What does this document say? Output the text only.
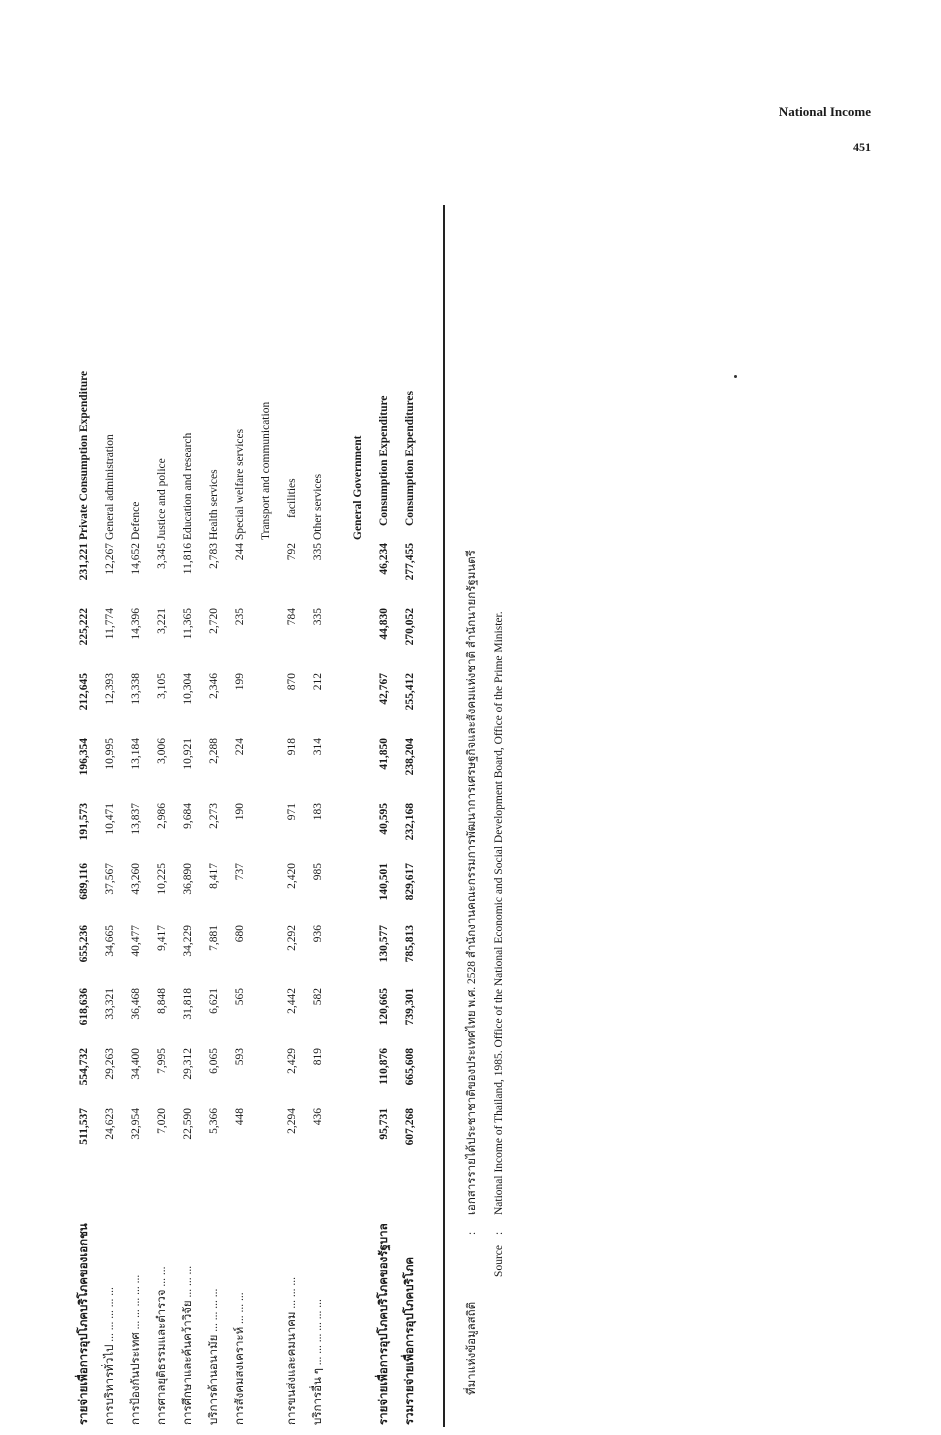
National Income
451
ที่มาแห่งข้อมูลสถิติ
:
เอกสารรายได้ประชาชาติของประเทศไทย พ.ศ. 2528 สำนักงานคณะกรรมการพัฒนาการเศรษฐกิจและสังคมแห่งชาติ สำนักนายกรัฐมนตรี
Source
:
National Income of Thailand, 1985. Office of the National Economic and Social Development Board, Office of the Prime Minister.
รายจ่ายเพื่อการอุปโภคบริโภคของเอกชน
511,537
554,732
618,636
655,236
689,116
191,573
196,354
212,645
225,222
231,221
Private Consumption Expenditure
การบริหารทั่วไป ... ... ... ... ...
24,623
29,263
33,321
34,665
37,567
10,471
10,995
12,393
11,774
12,267
General administration
การป้องกันประเทศ ... ... ... ... ...
32,954
34,400
36,468
40,477
43,260
13,837
13,184
13,338
14,396
14,652
Defence
การศาลยุติธรรมและตำรวจ ... ...
7,020
7,995
8,848
9,417
10,225
2,986
3,006
3,105
3,221
3,345
Justice and police
การศึกษาและค้นคว้าวิจัย ... ... ...
22,590
29,312
31,818
34,229
36,890
9,684
10,921
10,304
11,365
11,816
Education and research
บริการด้านอนามัย ... ... ... ...
5,366
6,065
6,621
7,881
8,417
2,273
2,288
2,346
2,720
2,783
Health services
การสังคมสงเคราะห์ ... ... ...
448
593
565
680
737
190
224
199
235
244
Special welfare services	Transport and communication
การขนส่งและคมนาคม ... ... ...
2,294
2,429
2,442
2,292
2,420
971
918
870
784
792
facilities
บริการอื่น ๆ ... ... ... ... ... ...
436
819
582
936
985
183
314
212
335
335
Other services	General Government
รายจ่ายเพื่อการอุปโภคบริโภคของรัฐบาล
95,731
110,876
120,665
130,577
140,501
40,595
41,850
42,767
44,830
46,234
Consumption Expenditure
รวมรายจ่ายเพื่อการอุปโภคบริโภค
607,268
665,608
739,301
785,813
829,617
232,168
238,204
255,412
270,052
277,455
Consumption Expenditures
